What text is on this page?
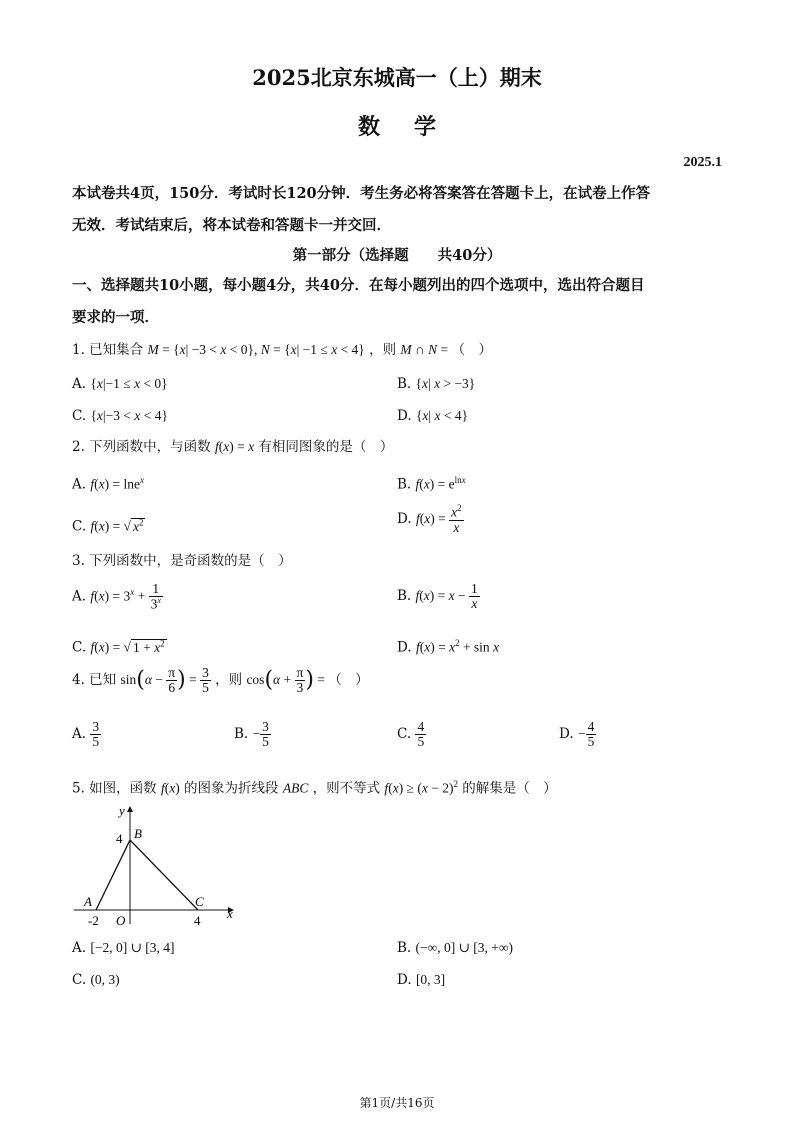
2025北京东城高一（上）期末
数学
2025.1
本试卷共4页，150分．考试时长120分钟．考生务必将答案答在答题卡上，在试卷上作答
无效．考试结束后，将本试卷和答题卡一并交回．
第一部分（选择题　　共40分）
一、选择题共10小题，每小题4分，共40分．在每小题列出的四个选项中，选出符合题目
要求的一项．
1. 已知集合 M = {x| −3 < x < 0}, N = {x| −1 ≤ x < 4} ，则 M ∩ N = （　）
A. {x|−1 ≤ x < 0}	B. {x| x > −3}
C. {x|−3 < x < 4}	D. {x| x < 4}
2. 下列函数中，与函数 f(x) = x 有相同图象的是（　）
A. f(x) = lne$^x$	B. $f(x) = e^{lnx}$
C. f(x) = √ $x^2$	D. $f(x) = \frac{x^2}{x}$
3. 下列函数中，是奇函数的是（　）
A. $f(x) = 3^x + \frac{1}{3^x}$	B. $f(x) = x - \frac{1}{x}$
C. f(x) = √ $1 + x^2$	D. $f(x) = x^2 + \sin x$
4. 已知 $\sin(\alpha - \frac{\pi}{6}$ ) = $\frac{3}{5}$ ，则 $\cos(\alpha + \frac{\pi}{3}$ ) = （　）
A. $\frac{3}{5}$	B. − $\frac{3}{5}$	C. $\frac{4}{5}$	D. − $\frac{4}{5}$
5. 如图，函数 f(x) 的图象为折线段 ABC ，则不等式 $f(x) \ge (x - 2)^2$ 的解集是（　）
y
x
O
A
B
C
4
-2	4
A. [−2, 0] ∪ [3, 4]	B. (−∞, 0] ∪ [3, +∞)
C. (0, 3)	D. [0, 3]
第1页/共16页
